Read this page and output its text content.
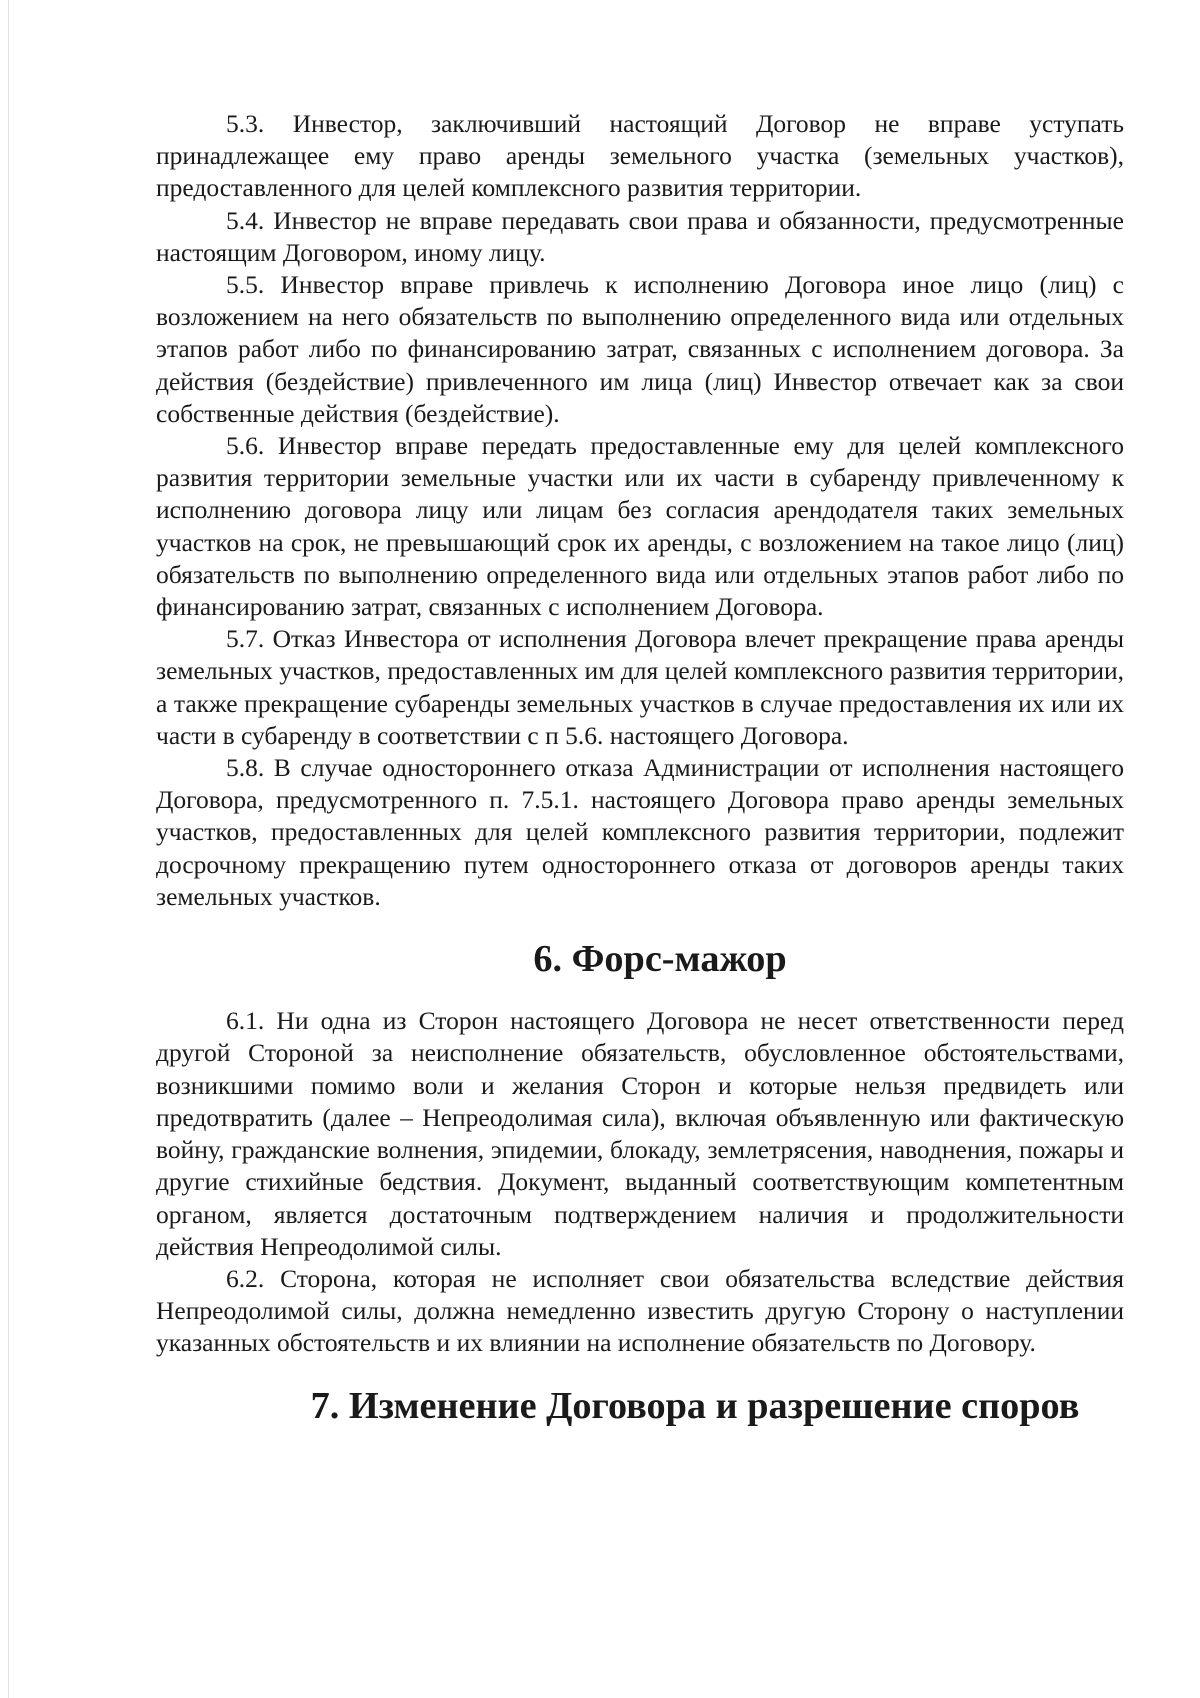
5.3. Инвестор, заключивший настоящий Договор не вправе уступать принадлежащее ему право аренды земельного участка (земельных участков), предоставленного для целей комплексного развития территории.

5.4. Инвестор не вправе передавать свои права и обязанности, предусмотренные настоящим Договором, иному лицу.

5.5. Инвестор вправе привлечь к исполнению Договора иное лицо (лиц) с возложением на него обязательств по выполнению определенного вида или отдельных этапов работ либо по финансированию затрат, связанных с исполнением договора. За действия (бездействие) привлеченного им лица (лиц) Инвестор отвечает как за свои собственные действия (бездействие).

5.6. Инвестор вправе передать предоставленные ему для целей комплексного развития территории земельные участки или их части в субаренду привлеченному к исполнению договора лицу или лицам без согласия арендодателя таких земельных участков на срок, не превышающий срок их аренды, с возложением на такое лицо (лиц) обязательств по выполнению определенного вида или отдельных этапов работ либо по финансированию затрат, связанных с исполнением Договора.

5.7. Отказ Инвестора от исполнения Договора влечет прекращение права аренды земельных участков, предоставленных им для целей комплексного развития территории, а также прекращение субаренды земельных участков в случае предоставления их или их части в субаренду в соответствии с п 5.6. настоящего Договора.

5.8. В случае одностороннего отказа Администрации от исполнения настоящего Договора, предусмотренного п. 7.5.1. настоящего Договора право аренды земельных участков, предоставленных для целей комплексного развития территории, подлежит досрочному прекращению путем одностороннего отказа от договоров аренды таких земельных участков.

6. Форс-мажор

6.1. Ни одна из Сторон настоящего Договора не несет ответственности перед другой Стороной за неисполнение обязательств, обусловленное обстоятельствами, возникшими помимо воли и желания Сторон и которые нельзя предвидеть или предотвратить (далее – Непреодолимая сила), включая объявленную или фактическую войну, гражданские волнения, эпидемии, блокаду, землетрясения, наводнения, пожары и другие стихийные бедствия. Документ, выданный соответствующим компетентным органом, является достаточным подтверждением наличия и продолжительности действия Непреодолимой силы.

6.2. Сторона, которая не исполняет свои обязательства вследствие действия Непреодолимой силы, должна немедленно известить другую Сторону о наступлении указанных обстоятельств и их влиянии на исполнение обязательств по Договору.

7. Изменение Договора и разрешение споров
